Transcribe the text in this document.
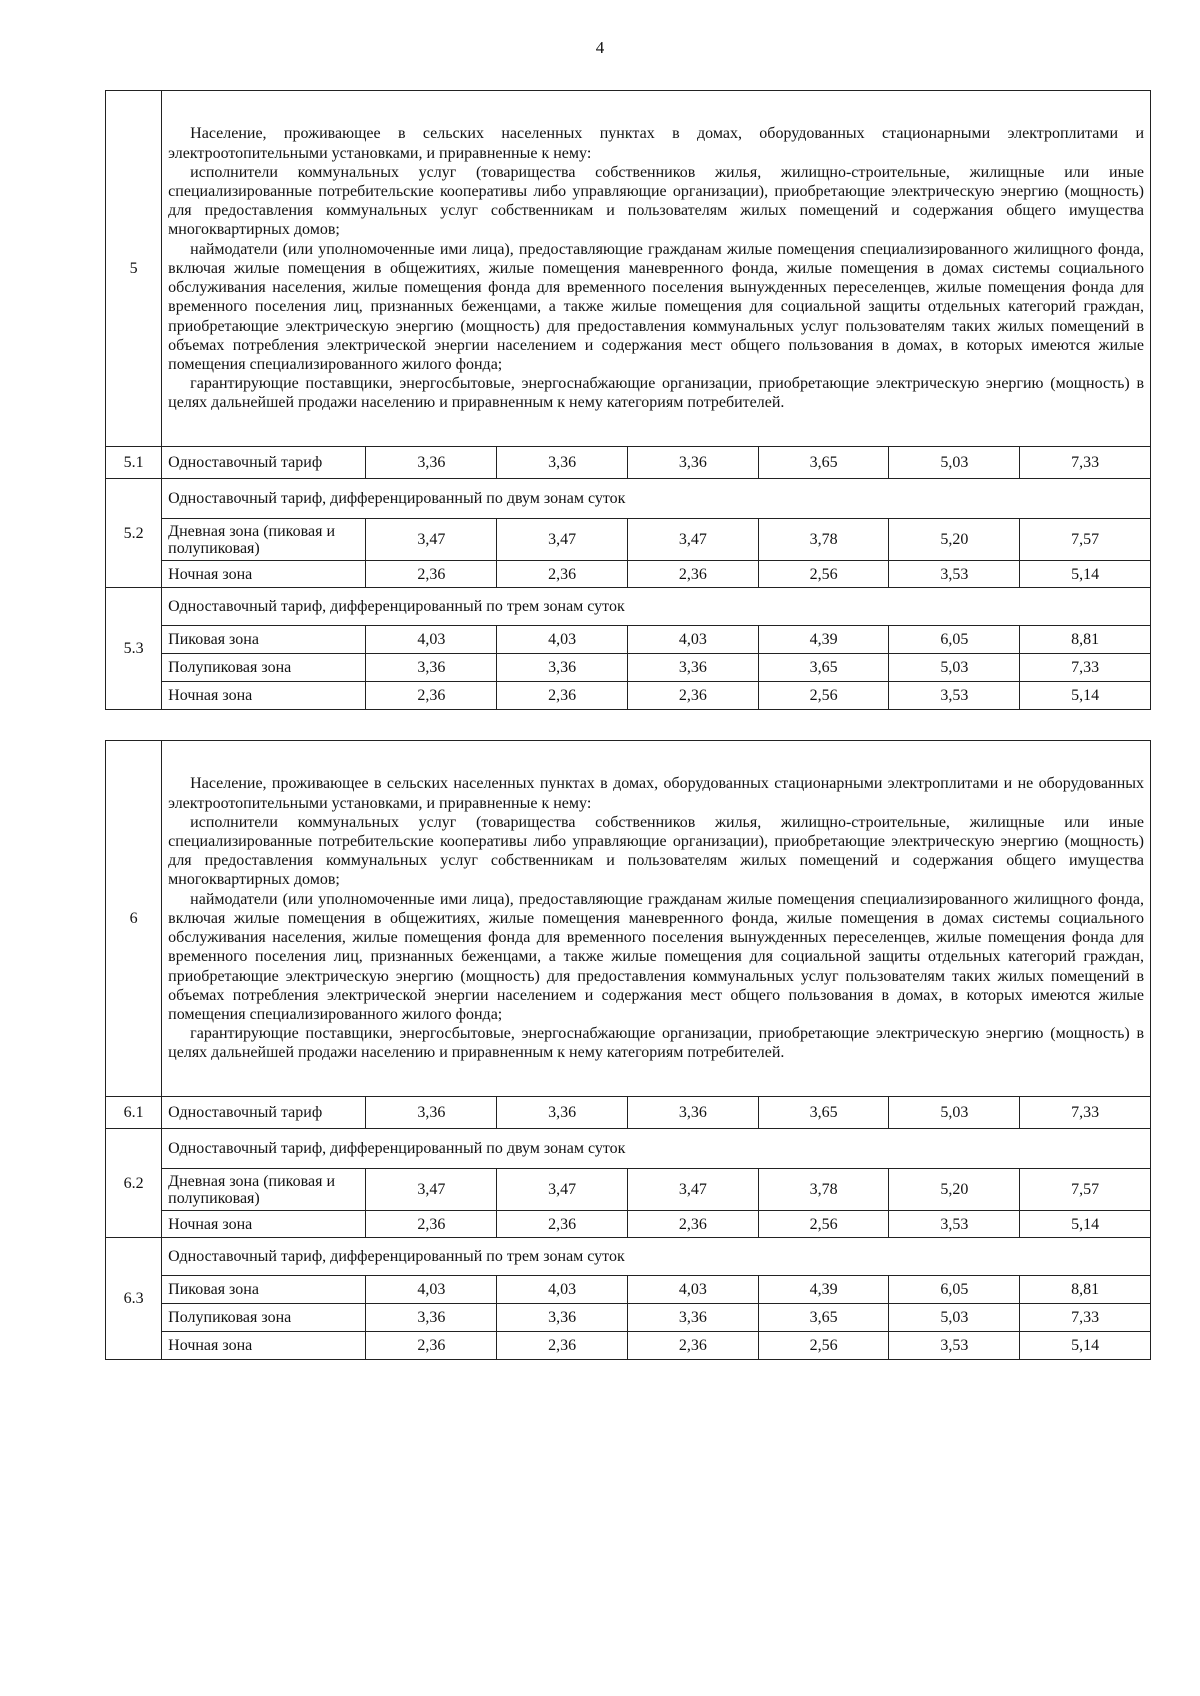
4
5	Население, проживающее в сельских населенных пунктах в домах, оборудованных стационарными электроплитами и электроотопительными установками, и приравненные к нему:

исполнители коммунальных услуг (товарищества собственников жилья, жилищно-строительные, жилищные или иные специализированные потребительские кооперативы либо управляющие организации), приобретающие электрическую энергию (мощность) для предоставления коммунальных услуг собственникам и пользователям жилых помещений и содержания общего имущества многоквартирных домов;

наймодатели (или уполномоченные ими лица), предоставляющие гражданам жилые помещения специализированного жилищного фонда, включая жилые помещения в общежитиях, жилые помещения маневренного фонда, жилые помещения в домах системы социального обслуживания населения, жилые помещения фонда для временного поселения вынужденных переселенцев, жилые помещения фонда для временного поселения лиц, признанных беженцами, а также жилые помещения для социальной защиты отдельных категорий граждан, приобретающие электрическую энергию (мощность) для предоставления коммунальных услуг пользователям таких жилых помещений в объемах потребления электрической энергии населением и содержания мест общего пользования в домах, в которых имеются жилые помещения специализированного жилого фонда;

гарантирующие поставщики, энергосбытовые, энергоснабжающие организации, приобретающие электрическую энергию (мощность) в целях дальнейшей продажи населению и приравненным к нему категориям потребителей.						

5.1	Одноставочный тариф	3,36	3,36	3,36	3,65	5,03	7,33
5.2	Одноставочный тариф, дифференцированный по двум зонам суток						
	Дневная зона (пиковая и полупиковая)	3,47	3,47	3,47	3,78	5,20	7,57
	Ночная зона	2,36	2,36	2,36	2,56	3,53	5,14
5.3	Одноставочный тариф, дифференцированный по трем зонам суток						
	Пиковая зона	4,03	4,03	4,03	4,39	6,05	8,81
	Полупиковая зона	3,36	3,36	3,36	3,65	5,03	7,33
	Ночная зона	2,36	2,36	2,36	2,56	3,53	5,14
6	Население, проживающее в сельских населенных пунктах в домах, оборудованных стационарными электроплитами и не оборудованных электроотопительными установками, и приравненные к нему:

исполнители коммунальных услуг (товарищества собственников жилья, жилищно-строительные, жилищные или иные специализированные потребительские кооперативы либо управляющие организации), приобретающие электрическую энергию (мощность) для предоставления коммунальных услуг собственникам и пользователям жилых помещений и содержания общего имущества многоквартирных домов;

наймодатели (или уполномоченные ими лица), предоставляющие гражданам жилые помещения специализированного жилищного фонда, включая жилые помещения в общежитиях, жилые помещения маневренного фонда, жилые помещения в домах системы социального обслуживания населения, жилые помещения фонда для временного поселения вынужденных переселенцев, жилые помещения фонда для временного поселения лиц, признанных беженцами, а также жилые помещения для социальной защиты отдельных категорий граждан, приобретающие электрическую энергию (мощность) для предоставления коммунальных услуг пользователям таких жилых помещений в объемах потребления электрической энергии населением и содержания мест общего пользования в домах, в которых имеются жилые помещения специализированного жилого фонда;

гарантирующие поставщики, энергосбытовые, энергоснабжающие организации, приобретающие электрическую энергию (мощность) в целях дальнейшей продажи населению и приравненным к нему категориям потребителей.						

6.1	Одноставочный тариф	3,36	3,36	3,36	3,65	5,03	7,33
6.2	Одноставочный тариф, дифференцированный по двум зонам суток						
	Дневная зона (пиковая и полупиковая)	3,47	3,47	3,47	3,78	5,20	7,57
	Ночная зона	2,36	2,36	2,36	2,56	3,53	5,14
6.3	Одноставочный тариф, дифференцированный по трем зонам суток						
	Пиковая зона	4,03	4,03	4,03	4,39	6,05	8,81
	Полупиковая зона	3,36	3,36	3,36	3,65	5,03	7,33
	Ночная зона	2,36	2,36	2,36	2,56	3,53	5,14
